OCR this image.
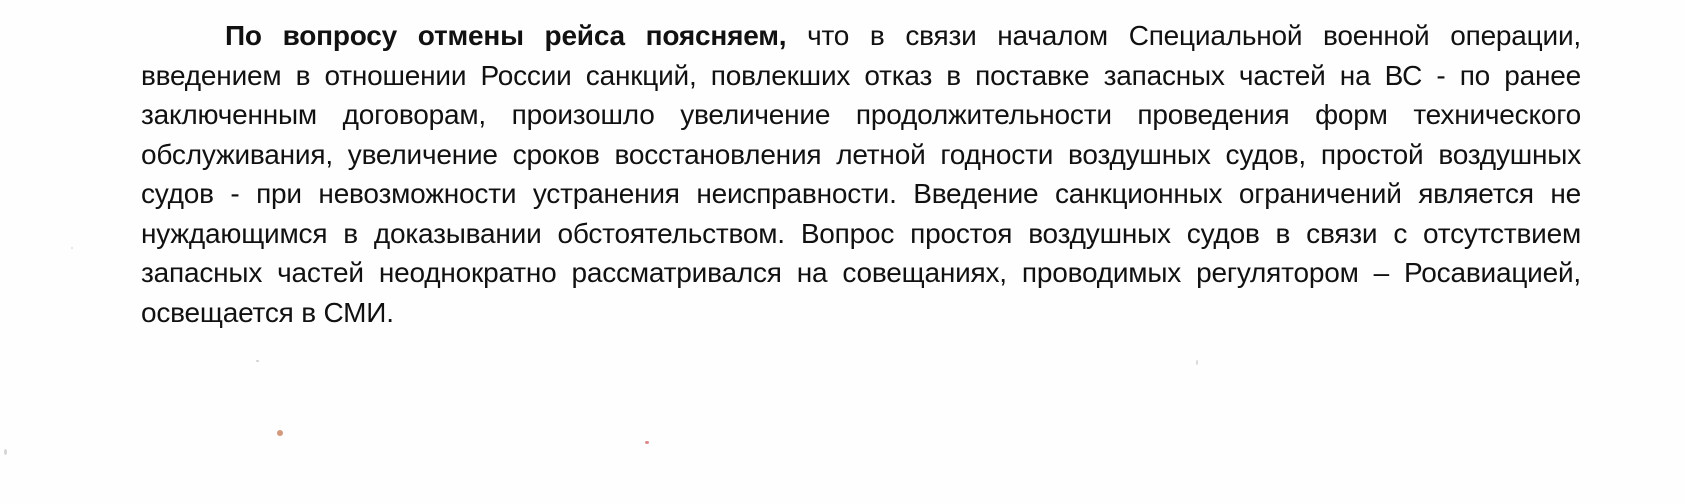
По вопросу отмены рейса поясняем, что в связи началом Специальной военной операции, введением в отношении России санкций, повлекших отказ в поставке запасных частей на ВС - по ранее заключенным договорам, произошло увеличение продолжительности проведения форм технического обслуживания, увеличение сроков восстановления летной годности воздушных судов, простой воздушных судов - при невозможности устранения неисправности. Введение санкционных ограничений является не нуждающимся в доказывании обстоятельством. Вопрос простоя воздушных судов в связи с отсутствием запасных частей неоднократно рассматривался на совещаниях, проводимых регулятором – Росавиацией, освещается в СМИ.
